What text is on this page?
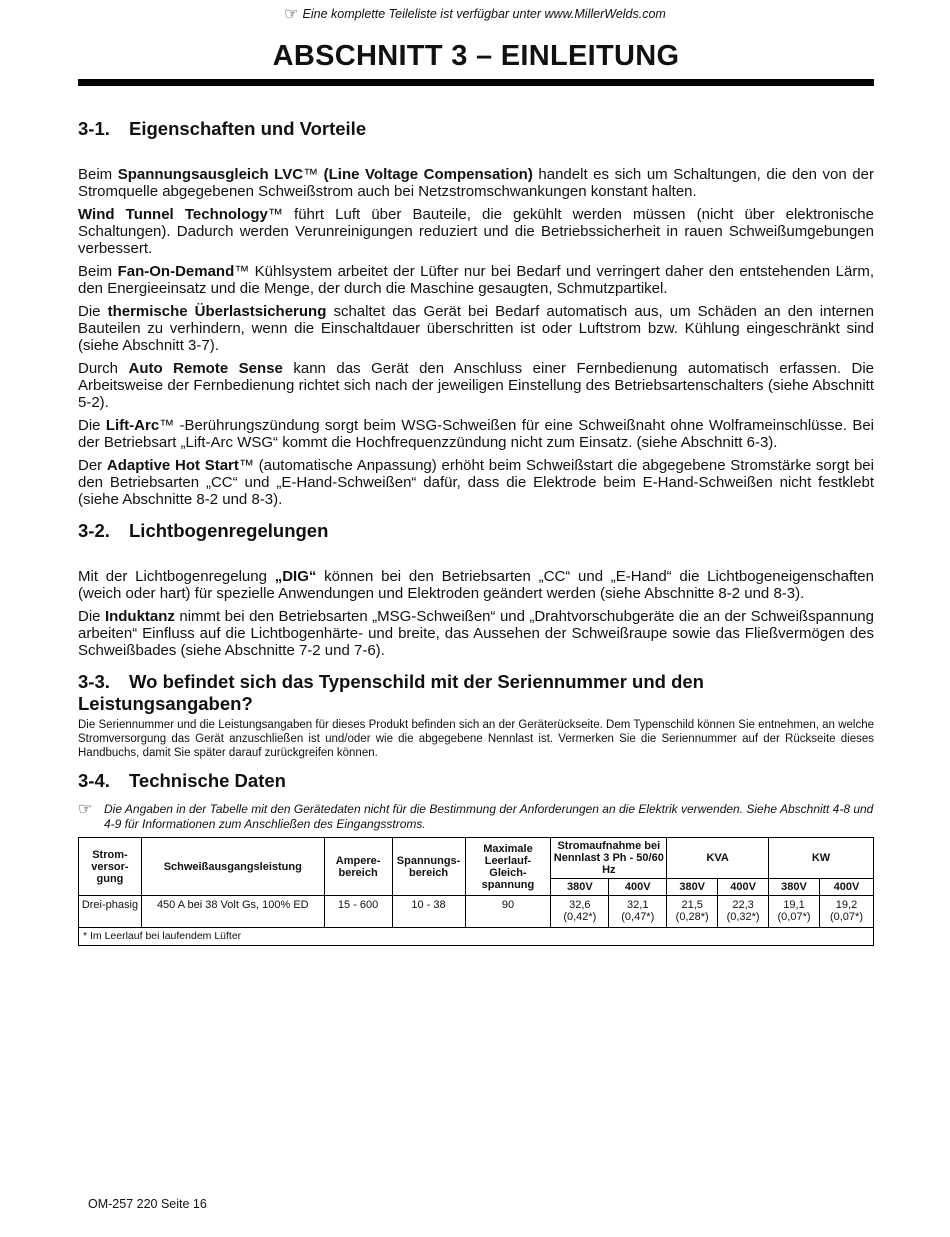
☞ Eine komplette Teileliste ist verfügbar unter www.MillerWelds.com
ABSCHNITT 3 – EINLEITUNG
3-1. Eigenschaften und Vorteile

Beim Spannungsausgleich LVC™ (Line Voltage Compensation) handelt es sich um Schaltungen, die den von der Stromquelle abgegebenen Schweißstrom auch bei Netzstromschwankungen konstant halten.

Wind Tunnel Technology™ führt Luft über Bauteile, die gekühlt werden müssen (nicht über elektronische Schaltungen). Dadurch werden Verunreinigungen reduziert und die Betriebssicherheit in rauen Schweißumgebungen verbessert.

Beim Fan-On-Demand™ Kühlsystem arbeitet der Lüfter nur bei Bedarf und verringert daher den entstehenden Lärm, den Energieeinsatz und die Menge, der durch die Maschine gesaugten, Schmutzpartikel.

Die thermische Überlastsicherung schaltet das Gerät bei Bedarf automatisch aus, um Schäden an den internen Bauteilen zu verhindern, wenn die Einschaltdauer überschritten ist oder Luftstrom bzw. Kühlung eingeschränkt sind (siehe Abschnitt 3-7).

Durch Auto Remote Sense kann das Gerät den Anschluss einer Fernbedienung automatisch erfassen. Die Arbeitsweise der Fernbedienung richtet sich nach der jeweiligen Einstellung des Betriebsartenschalters (siehe Abschnitt 5-2).

Die Lift-Arc™ -Berührungszündung sorgt beim WSG-Schweißen für eine Schweißnaht ohne Wolframeinschlüsse. Bei der Betriebsart „Lift-Arc WSG“ kommt die Hochfrequenzzündung nicht zum Einsatz. (siehe Abschnitt 6-3).

Der Adaptive Hot Start™ (automatische Anpassung) erhöht beim Schweißstart die abgegebene Stromstärke sorgt bei den Betriebsarten „CC“ und „E-Hand-Schweißen“ dafür, dass die Elektrode beim E-Hand-Schweißen nicht festklebt (siehe Abschnitte 8-2 und 8-3).

3-2. Lichtbogenregelungen

Mit der Lichtbogenregelung „DIG“ können bei den Betriebsarten „CC“ und „E-Hand“ die Lichtbogeneigenschaften (weich oder hart) für spezielle Anwendungen und Elektroden geändert werden (siehe Abschnitte 8-2 und 8-3).

Die Induktanz nimmt bei den Betriebsarten „MSG-Schweißen“ und „Drahtvorschubgeräte die an der Schweißspannung arbeiten“ Einfluss auf die Lichtbogenhärte- und breite, das Aussehen der Schweißraupe sowie das Fließvermögen des Schweißbades (siehe Abschnitte 7-2 und 7-6).

3-3. Wo befindet sich das Typenschild mit der Seriennummer und den Leistungsangaben?

Die Seriennummer und die Leistungsangaben für dieses Produkt befinden sich an der Geräterückseite. Dem Typenschild können Sie entnehmen, an welche Stromversorgung das Gerät anzuschließen ist und/oder wie die abgegebene Nennlast ist. Vermerken Sie die Seriennummer auf der Rückseite dieses Handbuchs, damit Sie später darauf zurückgreifen können.

3-4. Technische Daten

☞ Die Angaben in der Tabelle mit den Gerätedaten nicht für die Bestimmung der Anforderungen an die Elektrik verwenden. Siehe Abschnitt 4-8 und 4-9 für Informationen zum Anschließen des Eingangsstroms.

Strom-versor-gung	Schweißausgangsleistung	Ampere-bereich	Spannungs-bereich	Maximale Leerlauf-Gleich-spannung	Stromaufnahme bei Nennlast 3 Ph - 50/60 Hz		KVA		KW	
					380V	400V	380V	400V	380V	400V
Drei-phasig	450 A bei 38 Volt Gs, 100% ED	15 - 600	10 - 38	90	32,6 (0,42*)	32,1 (0,47*)	21,5 (0,28*)	22,3 (0,32*)	19,1 (0,07*)	19,2 (0,07*)
* Im Leerlauf bei laufendem Lüfter										
OM-257 220 Seite 16
